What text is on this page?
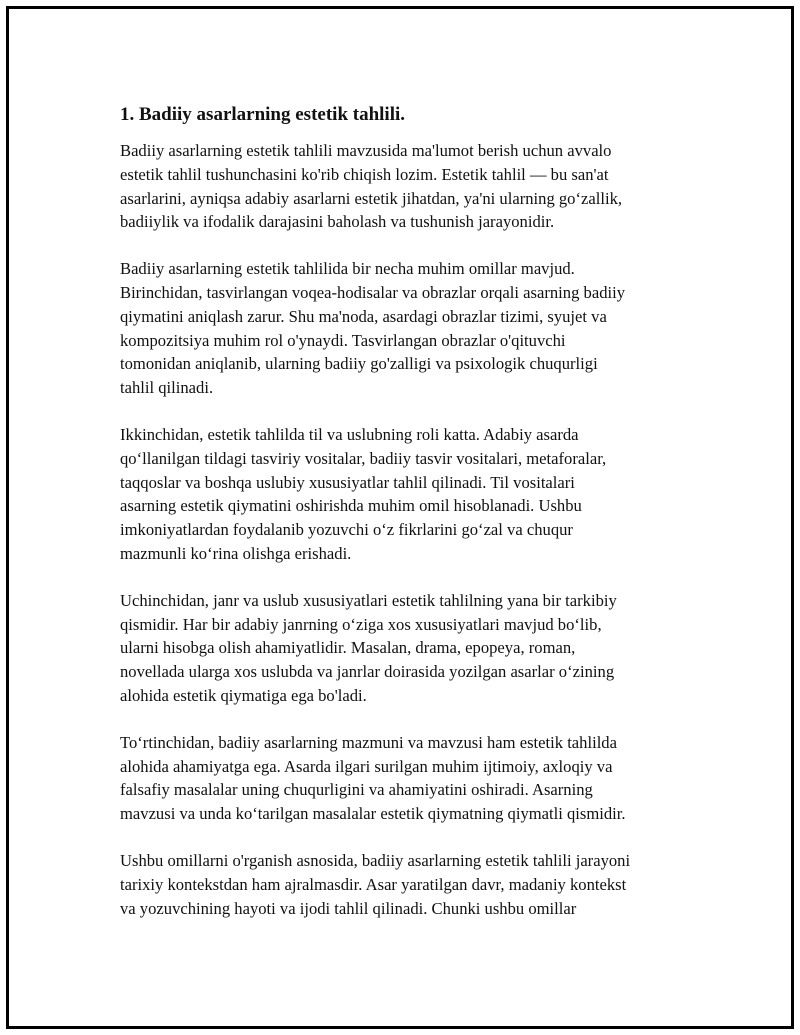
1. Badiiy asarlarning estetik tahlili.
Badiiy asarlarning estetik tahlili mavzusida ma'lumot berish uchun avvalo
estetik tahlil tushunchasini ko'rib chiqish lozim. Estetik tahlil — bu san'at
asarlarini, ayniqsa adabiy asarlarni estetik jihatdan, ya'ni ularning go‘zallik,
badiiylik va ifodalik darajasini baholash va tushunish jarayonidir.
Badiiy asarlarning estetik tahlilida bir necha muhim omillar mavjud.
Birinchidan, tasvirlangan voqea-hodisalar va obrazlar orqali asarning badiiy
qiymatini aniqlash zarur. Shu ma'noda, asardagi obrazlar tizimi, syujet va
kompozitsiya muhim rol o'ynaydi. Tasvirlangan obrazlar o'qituvchi
tomonidan aniqlanib, ularning badiiy go'zalligi va psixologik chuqurligi
tahlil qilinadi.
Ikkinchidan, estetik tahlilda til va uslubning roli katta. Adabiy asarda
qo‘llanilgan tildagi tasviriy vositalar, badiiy tasvir vositalari, metaforalar,
taqqoslar va boshqa uslubiy xususiyatlar tahlil qilinadi. Til vositalari
asarning estetik qiymatini oshirishda muhim omil hisoblanadi. Ushbu
imkoniyatlardan foydalanib yozuvchi o‘z fikrlarini go‘zal va chuqur
mazmunli ko‘rina olishga erishadi.
Uchinchidan, janr va uslub xususiyatlari estetik tahlilning yana bir tarkibiy
qismidir. Har bir adabiy janrning o‘ziga xos xususiyatlari mavjud bo‘lib,
ularni hisobga olish ahamiyatlidir. Masalan, drama, epopeya, roman,
novellada ularga xos uslubda va janrlar doirasida yozilgan asarlar o‘zining
alohida estetik qiymatiga ega bo'ladi.
To‘rtinchidan, badiiy asarlarning mazmuni va mavzusi ham estetik tahlilda
alohida ahamiyatga ega. Asarda ilgari surilgan muhim ijtimoiy, axloqiy va
falsafiy masalalar uning chuqurligini va ahamiyatini oshiradi. Asarning
mavzusi va unda ko‘tarilgan masalalar estetik qiymatning qiymatli qismidir.
Ushbu omillarni o'rganish asnosida, badiiy asarlarning estetik tahlili jarayoni
tarixiy kontekstdan ham ajralmasdir. Asar yaratilgan davr, madaniy kontekst
va yozuvchining hayoti va ijodi tahlil qilinadi. Chunki ushbu omillar
